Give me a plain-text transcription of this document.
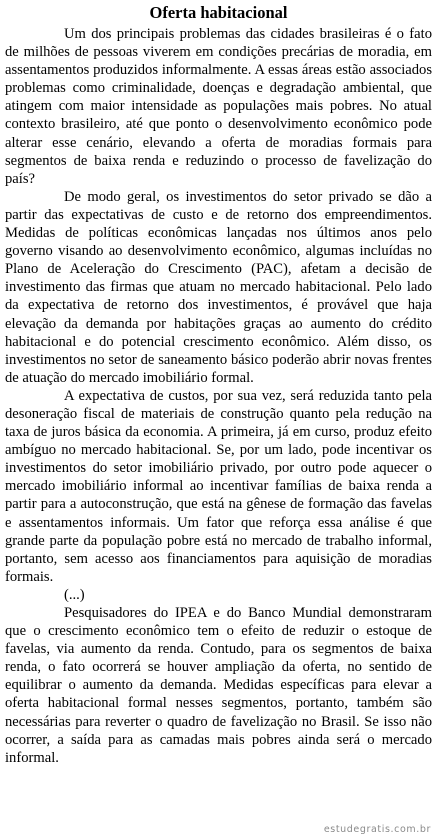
Oferta habitacional

Um dos principais problemas das cidades brasileiras é o fato de milhões de pessoas viverem em condições precárias de moradia, em assentamentos produzidos informalmente. A essas áreas estão associados problemas como criminalidade, doenças e degradação ambiental, que atingem com maior intensidade as populações mais pobres. No atual contexto brasileiro, até que ponto o desenvolvimento econômico pode alterar esse cenário, elevando a oferta de moradias formais para segmentos de baixa renda e reduzindo o processo de favelização do país?

De modo geral, os investimentos do setor privado se dão a partir das expectativas de custo e de retorno dos empreendimentos. Medidas de políticas econômicas lançadas nos últimos anos pelo governo visando ao desenvolvimento econômico, algumas incluídas no Plano de Aceleração do Crescimento (PAC), afetam a decisão de investimento das firmas que atuam no mercado habitacional. Pelo lado da expectativa de retorno dos investimentos, é provável que haja elevação da demanda por habitações graças ao aumento do crédito habitacional e do potencial crescimento econômico. Além disso, os investimentos no setor de saneamento básico poderão abrir novas frentes de atuação do mercado imobiliário formal.

A expectativa de custos, por sua vez, será reduzida tanto pela desoneração fiscal de materiais de construção quanto pela redução na taxa de juros básica da economia. A primeira, já em curso, produz efeito ambíguo no mercado habitacional. Se, por um lado, pode incentivar os investimentos do setor imobiliário privado, por outro pode aquecer o mercado imobiliário informal ao incentivar famílias de baixa renda a partir para a autoconstrução, que está na gênese de formação das favelas e assentamentos informais. Um fator que reforça essa análise é que grande parte da população pobre está no mercado de trabalho informal, portanto, sem acesso aos financiamentos para aquisição de moradias formais.

(...)

Pesquisadores do IPEA e do Banco Mundial demonstraram que o crescimento econômico tem o efeito de reduzir o estoque de favelas, via aumento da renda. Contudo, para os segmentos de baixa renda, o fato ocorrerá se houver ampliação da oferta, no sentido de equilibrar o aumento da demanda. Medidas específicas para elevar a oferta habitacional formal nesses segmentos, portanto, também são necessárias para reverter o quadro de favelização no Brasil. Se isso não ocorrer, a saída para as camadas mais pobres ainda será o mercado informal.

estudegratis.com.br
